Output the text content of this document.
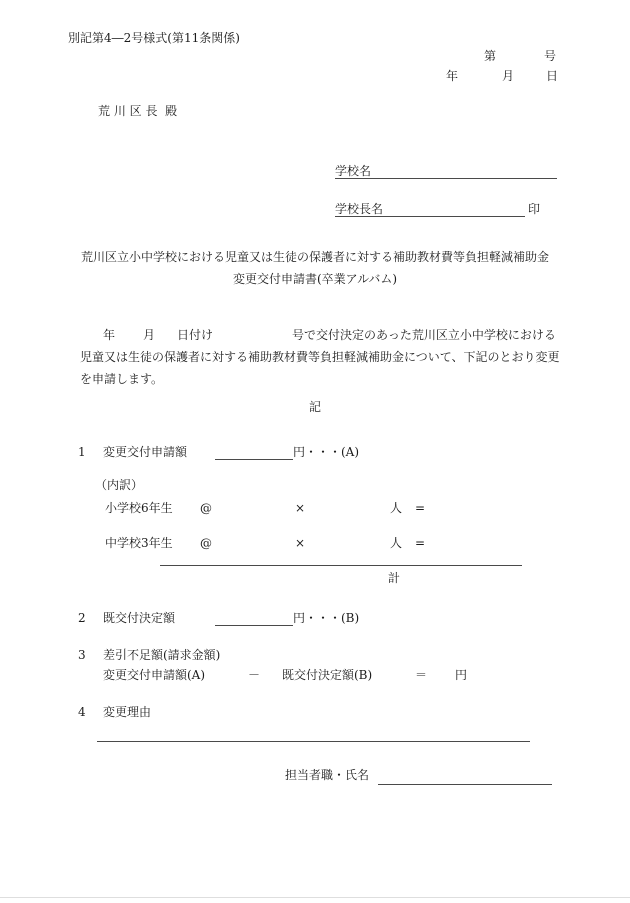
別記第4―2号様式(第11条関係)
第	号
年	月	日
荒 川 区 長  殿
学校名
学校長名	印
荒川区立小中学校における児童又は生徒の保護者に対する補助教材費等負担軽減補助金
変更交付申請書(卒業アルバム)
年 月 日付け	号で交付決定のあった荒川区立小中学校における
児童又は生徒の保護者に対する補助教材費等負担軽減補助金について、下記のとおり変更
を申請します。
記
1 変更交付申請額	円・・・(A)
（内訳）
小学校6年生 @	×	人 =
中学校3年生 @	×	人 =
計
2 既交付決定額	円・・・(B)
3 差引不足額(請求金額)
変更交付申請額(A)	－ 既交付決定額(B)	＝ 円
4 変更理由
担当者職・氏名
